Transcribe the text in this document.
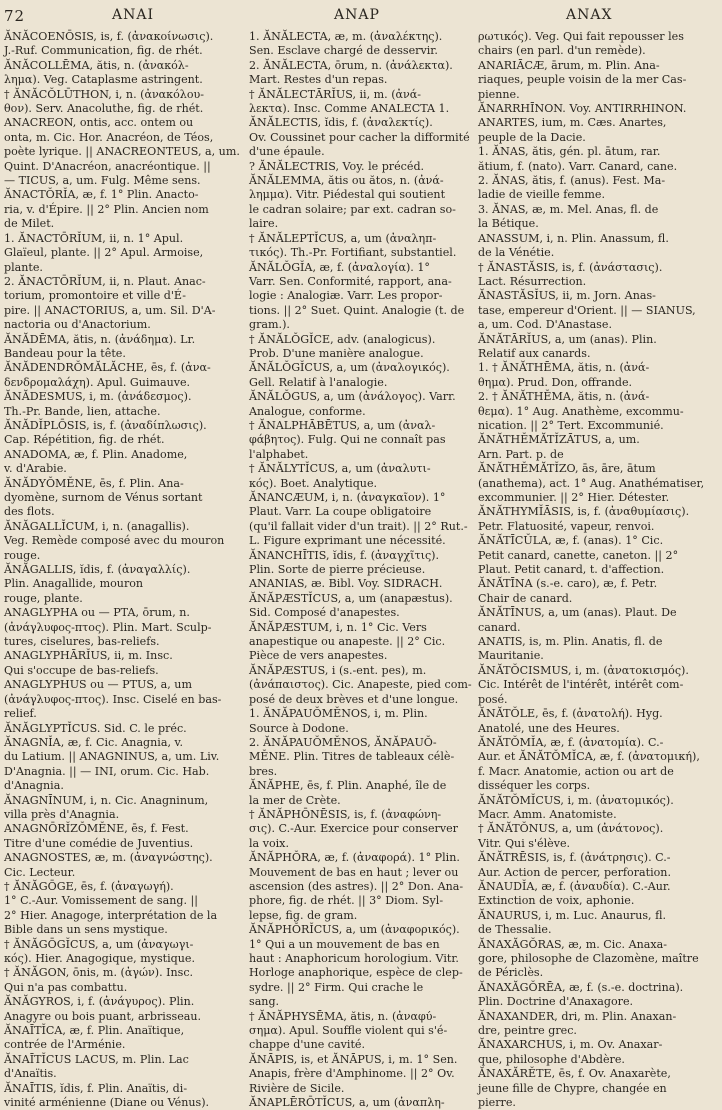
72	ANAI	ANAP	ANAX
ĂNĂCOENŌSIS, is, f. (ἀνακοίνωσις).
J.-Ruf. Communication, fig. de rhét.
ĂNĂCOLLĒMA, ătis, n. (ἀνακόλ-
λημα). Veg. Cataplasme astringent.
† ĂNĂCŎLŪTHON, i, n. (ἀνακόλου-
θον). Serv. Anacoluthe, fig. de rhét.
ANACREON, ontis, acc. ontem ou
onta, m. Cic. Hor. Anacréon, de Téos,
poète lyrique. || ANACREONTEUS, a, um.
Quint. D'Anacréon, anacréontique. ||
— TICUS, a, um. Fulg. Même sens.
ĂNACTŎRĬA, æ, f. 1° Plin. Anacto-
ria, v. d'Épire. || 2° Plin. Ancien nom
de Milet.
1. ĂNACTŌRĬUM, ii, n. 1° Apul.
Glaïeul, plante. || 2° Apul. Armoise,
plante.
2. ĂNACTŌRĬUM, ii, n. Plaut. Anac-
torium, promontoire et ville d'É-
pire. || ANACTORIUS, a, um. Sil. D'A-
nactoria ou d'Anactorium.
ĂNĂDĒMA, ătis, n. (ἀνάδημα). Lr.
Bandeau pour la tête.
ĂNĂDENDRŎMĂLĂCHE, ēs, f. (ἀνα-
δενδρομαλάχη). Apul. Guimauve.
ĂNĂDESMUS, i, m. (ἀνάδεσμος).
Th.-Pr. Bande, lien, attache.
ĂNĂDĬPLŌSIS, is, f. (ἀναδίπλωσις).
Cap. Répétition, fig. de rhét.
ANADOMA, æ, f. Plin. Anadome,
v. d'Arabie.
ĂNĂDYŎMĔNE, ēs, f. Plin. Ana-
dyomène, surnom de Vénus sortant
des flots.
ĂNĂGALLĬCUM, i, n. (anagallis).
Veg. Remède composé avec du mouron
rouge.
ĂNĂGALLIS, ĭdis, f. (ἀναγαλλίς).
Plin. Anagallide, mouron
rouge, plante.
ANAGLYPHA ou — PTA, ōrum, n.
(ἀνάγλυφος-πτος). Plin. Mart. Sculp-
tures, ciselures, bas-reliefs.
ANAGLYPHĀRĬUS, ii, m. Insc.
Qui s'occupe de bas-reliefs.
ANAGLYPHUS ou — PTUS, a, um
(ἀνάγλυφος-πτος). Insc. Ciselé en bas-
relief.
ĂNĂGLYPTĬCUS. Sid. C. le préc.
ĂNAGNĬA, æ, f. Cic. Anagnia, v.
du Latium. || ANAGNINUS, a, um. Liv.
D'Anagnia. || — INI, orum. Cic. Hab.
d'Anagnia.
ĂNAGNĪNUM, i, n. Cic. Anagninum,
villa près d'Anagnia.
ANAGNŌRĬZŎMĔNE, ēs, f. Fest.
Titre d'une comédie de Juventius.
ANAGNOSTES, æ, m. (ἀναγνώστης).
Cic. Lecteur.
† ĂNĂGŌGE, ēs, f. (ἀναγωγή).
1° C.-Aur. Vomissement de sang. ||
2° Hier. Anagoge, interprétation de la
Bible dans un sens mystique.
† ĂNĂGŌGĬCUS, a, um (ἀναγωγι-
κός). Hier. Anagogique, mystique.
† ĂNĂGON, ōnis, m. (ἀγών). Insc.
Qui n'a pas combattu.
ĂNĂGYROS, i, f. (ἀνάγυρος). Plin.
Anagyre ou bois puant, arbrisseau.
ĂNAĪTĬCA, æ, f. Plin. Anaïtique,
contrée de l'Arménie.
ĂNAĪTĬCUS LACUS, m. Plin. Lac
d'Anaïtis.
ĂNAĪTIS, ĭdis, f. Plin. Anaïtis, di-
vinité arménienne (Diane ou Vénus).
1. ĂNĂLECTA, æ, m. (ἀναλέκτης).
Sen. Esclave chargé de desservir.
2. ĂNĂLECTA, ōrum, n. (ἀνάλεκτα).
Mart. Restes d'un repas.
† ĂNĂLECTĀRĬUS, ii, m. (ἀνά-
λεκτα). Insc. Comme ANALECTA 1.
ĂNĂLECTIS, ĭdis, f. (ἀναλεκτίς).
Ov. Coussinet pour cacher la difformité
d'une épaule.
? ĂNĂLECTRIS, Voy. le précéd.
ĂNĂLEMMA, ătis ou ătos, n. (ἀνά-
λημμα). Vitr. Piédestal qui soutient
le cadran solaire; par ext. cadran so-
laire.
† ĂNĂLEPTĬCUS, a, um (ἀναληπ-
τικός). Th.-Pr. Fortifiant, substantiel.
ĂNĂLŎGĬA, æ, f. (ἀναλογία). 1°
Varr. Sen. Conformité, rapport, ana-
logie : Analogiæ. Varr. Les propor-
tions. || 2° Suet. Quint. Analogie (t. de
gram.).
† ĂNĂLŎGĬCE, adv. (analogicus).
Prob. D'une manière analogue.
ĂNĂLŎGĬCUS, a, um (ἀναλογικός).
Gell. Relatif à l'analogie.
ĂNĂLŎGUS, a, um (ἀνάλογος). Varr.
Analogue, conforme.
† ĂNALPHĀBĒTUS, a, um (ἀναλ-
φάβητος). Fulg. Qui ne connaît pas
l'alphabet.
† ĂNĂLYTĬCUS, a, um (ἀναλυτι-
κός). Boet. Analytique.
ĂNANCÆUM, i, n. (ἀναγκαῖον). 1°
Plaut. Varr. La coupe obligatoire
(qu'il fallait vider d'un trait). || 2° Rut.-
L. Figure exprimant une nécessité.
ĂNANCHĪTIS, ĭdis, f. (ἀναγχῖτις).
Plin. Sorte de pierre précieuse.
ANANIAS, æ. Bibl. Voy. SIDRACH.
ĂNĂPÆSTĬCUS, a, um (anapæstus).
Sid. Composé d'anapestes.
ĂNĂPÆSTUM, i, n. 1° Cic. Vers
anapestique ou anapeste. || 2° Cic.
Pièce de vers anapestes.
ĂNĂPÆSTUS, i (s.-ent. pes), m.
(ἀνάπαιστος). Cic. Anapeste, pied com-
posé de deux brèves et d'une longue.
1. ĂNĂPAUŎMĔNOS, i, m. Plin.
Source à Dodone.
2. ĂNĂPAUŎMĔNOS, ĂNĂPAUŎ-
MĔNE. Plin. Titres de tableaux célè-
bres.
ĂNĂPHE, ēs, f. Plin. Anaphé, île de
la mer de Crète.
† ĂNĂPHŌNĒSIS, is, f. (ἀναφώνη-
σις). C.-Aur. Exercice pour conserver
la voix.
ĂNĂPHŎRA, æ, f. (ἀναφορά). 1° Plin.
Mouvement de bas en haut ; lever ou
ascension (des astres). || 2° Don. Ana-
phore, fig. de rhét. || 3° Diom. Syl-
lepse, fig. de gram.
ĂNĂPHŎRĬCUS, a, um (ἀναφορικός).
1° Qui a un mouvement de bas en
haut : Anaphoricum horologium. Vitr.
Horloge anaphorique, espèce de clep-
sydre. || 2° Firm. Qui crache le
sang.
† ĂNĂPHYSĒMA, ătis, n. (ἀναφύ-
σημα). Apul. Souffle violent qui s'é-
chappe d'une cavité.
ĂNĀPIS, is, et ĂNĀPUS, i, m. 1° Sen.
Anapis, frère d'Amphinome. || 2° Ov.
Rivière de Sicile.
ĂNAPLĒRŌTĬCUS, a, um (ἀναπλη-
ρωτικός). Veg. Qui fait repousser les
chairs (en parl. d'un remède).
ANARIĀCÆ, ārum, m. Plin. Ana-
riaques, peuple voisin de la mer Cas-
pienne.
ĂNARRHĪNON. Voy. ANTIRRHINON.
ANARTES, ium, m. Cæs. Anartes,
peuple de la Dacie.
1. ĂNAS, ătis, gén. pl. ātum, rar.
ătium, f. (nato). Varr. Canard, cane.
2. ĂNAS, ătis, f. (anus). Fest. Ma-
ladie de vieille femme.
3. ĂNAS, æ, m. Mel. Anas, fl. de
la Bétique.
ANASSUM, i, n. Plin. Anassum, fl.
de la Vénétie.
† ĂNASTĂSIS, is, f. (ἀνάστασις).
Lact. Résurrection.
ĂNASTĂSĬUS, ii, m. Jorn. Anas-
tase, empereur d'Orient. || — SIANUS,
a, um. Cod. D'Anastase.
ĂNĂTĀRĬUS, a, um (anas). Plin.
Relatif aux canards.
1. † ĂNĂTHĒMA, ătis, n. (ἀνά-
θημα). Prud. Don, offrande.
2. † ĂNĂTHĔMA, ătis, n. (ἀνά-
θεμα). 1° Aug. Anathème, excommu-
nication. || 2° Tert. Excommunié.
ĂNĂTHĔMĂTĬZĀTUS, a, um.
Arn. Part. p. de
ĂNĂTHĔMĂTĬZO, ās, āre, ātum
(anathema), act. 1° Aug. Anathématiser,
excommunier. || 2° Hier. Détester.
ĂNĂTHYMĬĀSIS, is, f. (ἀναθυμίασις).
Petr. Flatuosité, vapeur, renvoi.
ĂNĂTĪCŬLA, æ, f. (anas). 1° Cic.
Petit canard, canette, caneton. || 2°
Plaut. Petit canard, t. d'affection.
ĂNĂTĪNA (s.-e. caro), æ, f. Petr.
Chair de canard.
ĂNĂTĪNUS, a, um (anas). Plaut. De
canard.
ANATIS, is, m. Plin. Anatis, fl. de
Mauritanie.
ĂNĂTŎCISMUS, i, m. (ἀνατοκισμός).
Cic. Intérêt de l'intérêt, intérêt com-
posé.
ĂNĂTŎLE, ēs, f. (ἀνατολή). Hyg.
Anatolé, une des Heures.
ĂNĂTŎMĬA, æ, f. (ἀνατομία). C.-
Aur. et ĂNĂTŎMĬCA, æ, f. (ἀνατομική),
f. Macr. Anatomie, action ou art de
disséquer les corps.
ĂNĂTŎMĬCUS, i, m. (ἀνατομικός).
Macr. Amm. Anatomiste.
† ĂNĂTŎNUS, a, um (ἀνάτονος).
Vitr. Qui s'élève.
ĂNĂTRĒSIS, is, f. (ἀνάτρησις). C.-
Aur. Action de percer, perforation.
ĂNAUDĬA, æ, f. (ἀναυδία). C.-Aur.
Extinction de voix, aphonie.
ĂNAURUS, i, m. Luc. Anaurus, fl.
de Thessalie.
ĂNAXĂGŎRAS, æ, m. Cic. Anaxa-
gore, philosophe de Clazomène, maître
de Périclès.
ĂNAXĂGŎRĒA, æ, f. (s.-e. doctrina).
Plin. Doctrine d'Anaxagore.
ĂNAXANDER, dri, m. Plin. Anaxan-
dre, peintre grec.
ĂNAXARCHUS, i, m. Ov. Anaxar-
que, philosophe d'Abdère.
ĂNAXĂRĔTE, ēs, f. Ov. Anaxarète,
jeune fille de Chypre, changée en
pierre.
